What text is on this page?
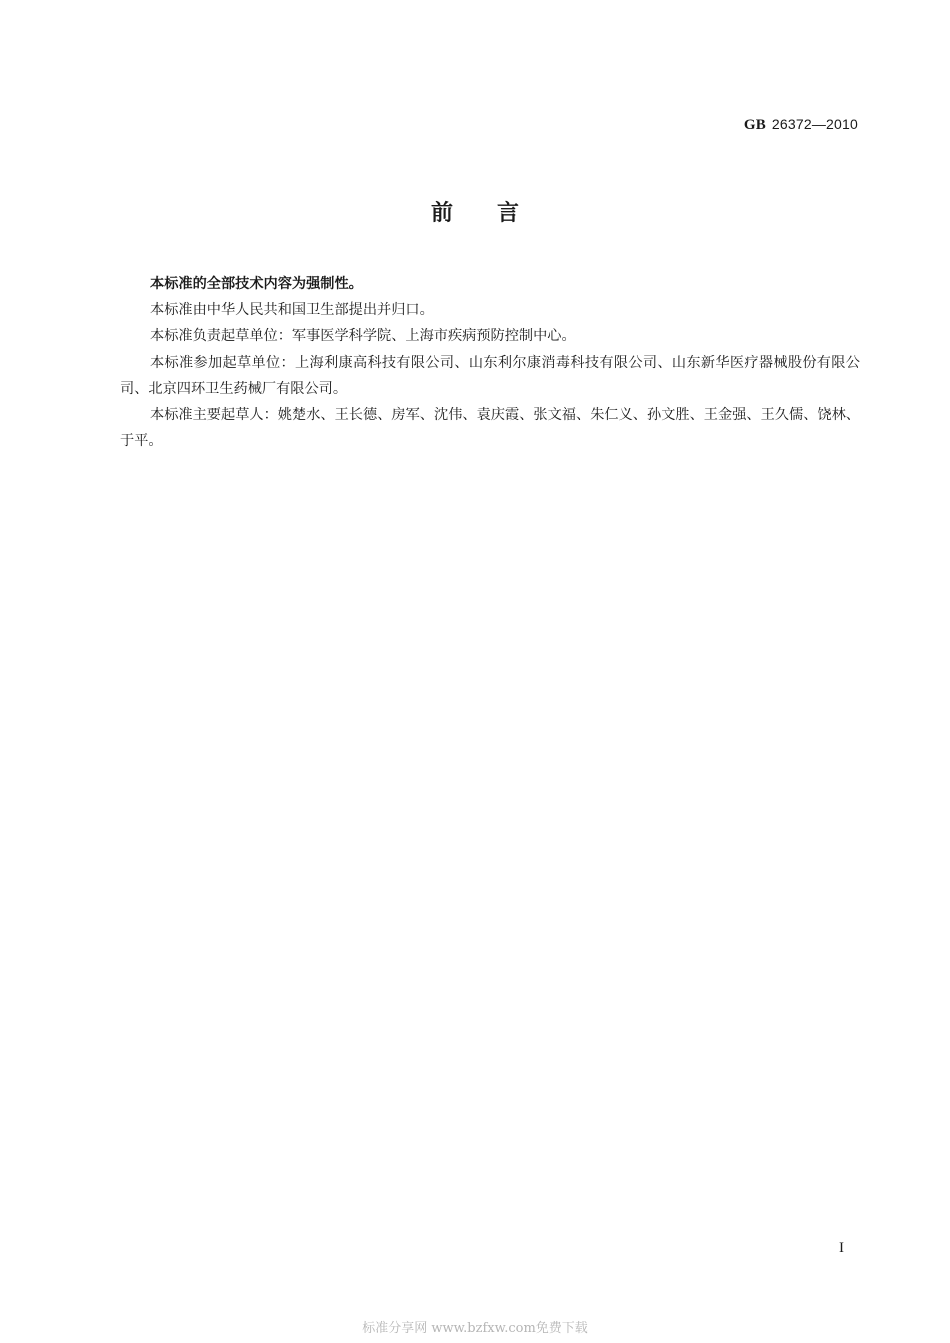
GB 26372—2010
前言

本标准的全部技术内容为强制性。

本标准由中华人民共和国卫生部提出并归口。

本标准负责起草单位：军事医学科学院、上海市疾病预防控制中心。

本标准参加起草单位：上海利康高科技有限公司、山东利尔康消毒科技有限公司、山东新华医疗器械股份有限公司、北京四环卫生药械厂有限公司。

本标准主要起草人：姚楚水、王长德、房军、沈伟、袁庆霞、张文福、朱仁义、孙文胜、王金强、王久儒、饶林、于平。

I
标准分享网 www.bzfxw.com免费下载
